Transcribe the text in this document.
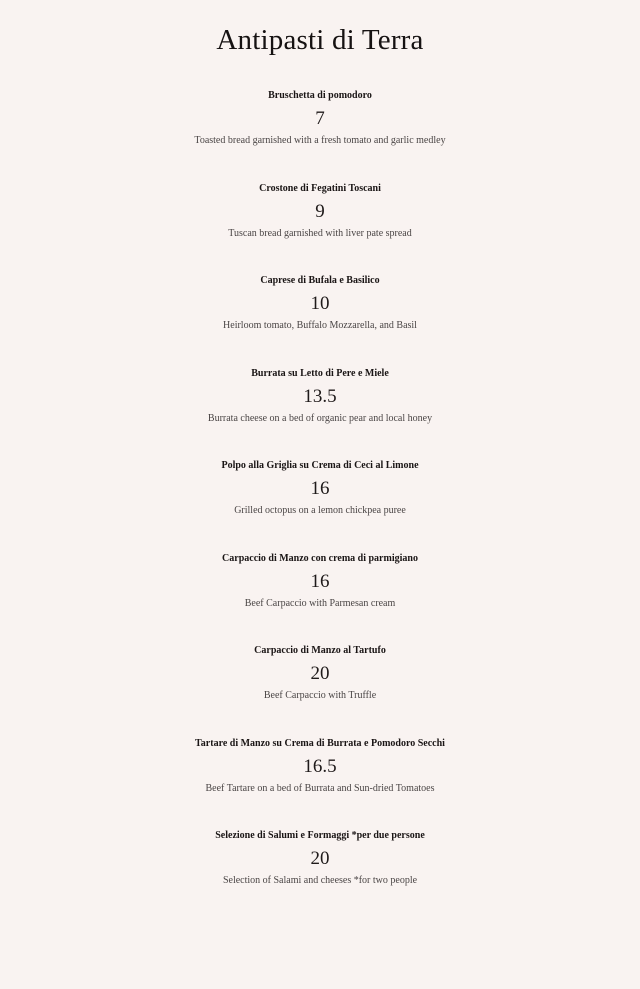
Antipasti di Terra
Bruschetta di pomodoro
7
Toasted bread garnished with a fresh tomato and garlic medley
Crostone di Fegatini Toscani
9
Tuscan bread garnished with liver pate spread
Caprese di Bufala e Basilico
10
Heirloom tomato, Buffalo Mozzarella, and Basil
Burrata su Letto di Pere e Miele
13.5
Burrata cheese on a bed of organic pear and local honey
Polpo alla Griglia su Crema di Ceci al Limone
16
Grilled octopus on a lemon chickpea puree
Carpaccio di Manzo con crema di parmigiano
16
Beef Carpaccio with Parmesan cream
Carpaccio di Manzo al Tartufo
20
Beef Carpaccio with Truffle
Tartare di Manzo su Crema di Burrata e Pomodoro Secchi
16.5
Beef Tartare on a bed of Burrata and Sun-dried Tomatoes
Selezione di Salumi e Formaggi *per due persone
20
Selection of Salami and cheeses *for two people
